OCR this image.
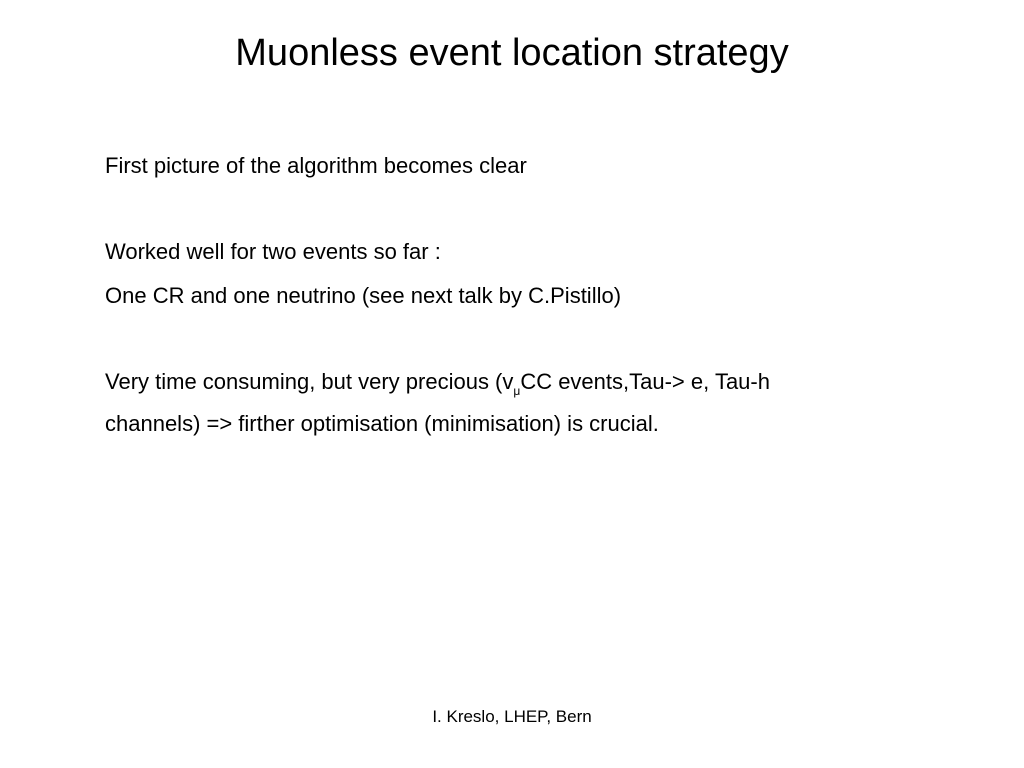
Muonless event location strategy
First picture of the algorithm becomes clear
Worked well for two events so far :
One CR and one neutrino (see next talk by C.Pistillo)
Very time consuming, but very precious ($v_\mu CC$ events,Tau-> e, Tau-h
channels) => firther optimisation (minimisation) is crucial.
I. Kreslo, LHEP, Bern
